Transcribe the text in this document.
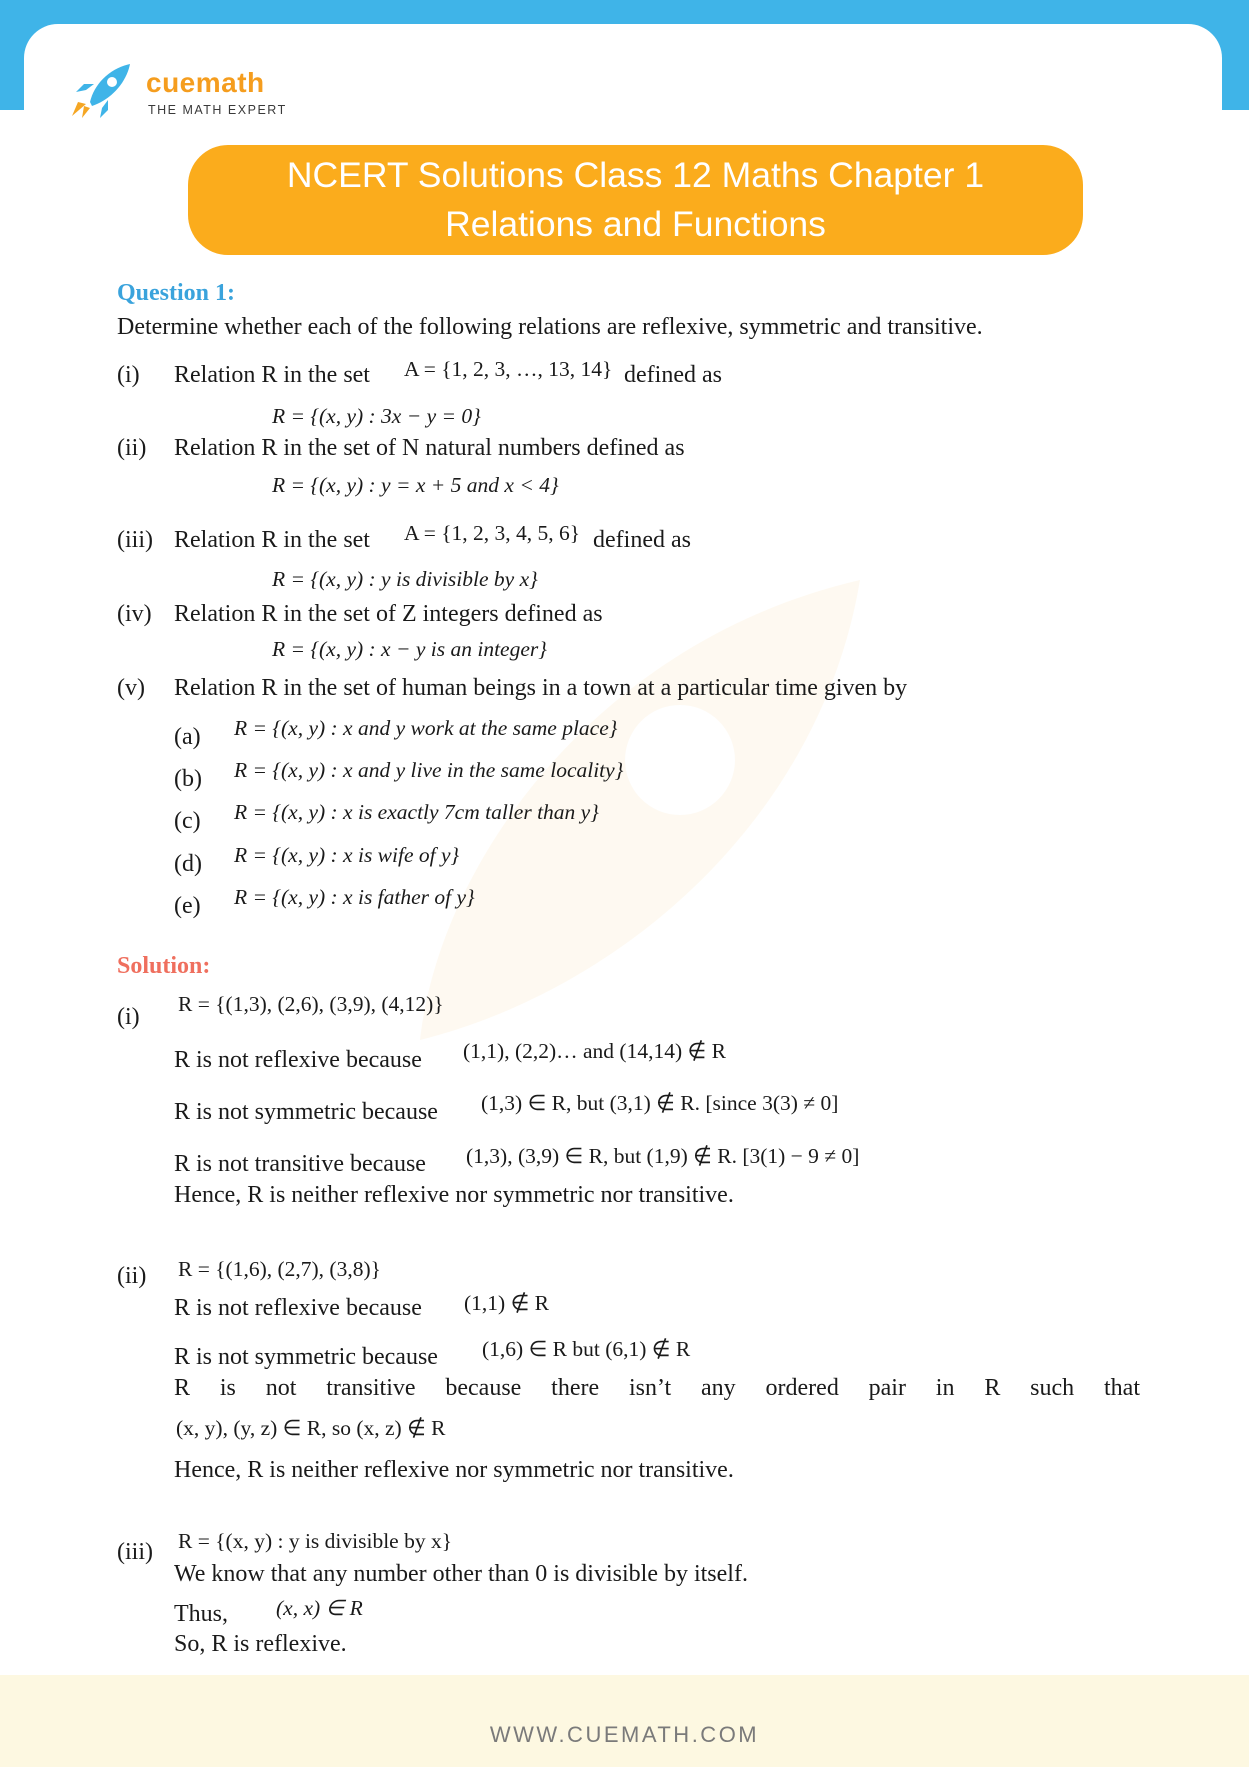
cuemath
THE MATH EXPERT
NCERT Solutions Class 12 Maths Chapter 1
Relations and Functions
Question 1:
Determine whether each of the following relations are reflexive, symmetric and transitive.
(i) Relation R in the set A = {1, 2, 3, …, 13, 14} defined as
R = {(x, y) : 3x − y = 0}
(ii) Relation R in the set of N natural numbers defined as
R = {(x, y) : y = x + 5 and x < 4}
(iii) Relation R in the set A = {1, 2, 3, 4, 5, 6} defined as
R = {(x, y) : y is divisible by x}
(iv) Relation R in the set of Z integers defined as
R = {(x, y) : x − y is an integer}
(v) Relation R in the set of human beings in a town at a particular time given by
(a) R = {(x, y) : x and y work at the same place}
(b) R = {(x, y) : x and y live in the same locality}
(c) R = {(x, y) : x is exactly 7cm taller than y}
(d) R = {(x, y) : x is wife of y}
(e) R = {(x, y) : x is father of y}
Solution:
(i) R = {(1,3), (2,6), (3,9), (4,12)}
R is not reflexive because (1,1), (2,2)… and (14,14) ∉ R
R is not symmetric because (1,3) ∈ R, but (3,1) ∉ R. [since 3(3) ≠ 0]
R is not transitive because (1,3), (3,9) ∈ R, but (1,9) ∉ R. [3(1) − 9 ≠ 0]
Hence, R is neither reflexive nor symmetric nor transitive.
(ii) R = {(1,6), (2,7), (3,8)}
R is not reflexive because (1,1) ∉ R
R is not symmetric because (1,6) ∈ R but (6,1) ∉ R
R is not transitive because there isn’t any ordered pair in R such that
(x, y), (y, z) ∈ R, so (x, z) ∉ R
Hence, R is neither reflexive nor symmetric nor transitive.
(iii) R = {(x, y) : y is divisible by x}
We know that any number other than 0 is divisible by itself.
Thus, (x, x) ∈ R
So, R is reflexive.
WWW.CUEMATH.COM
